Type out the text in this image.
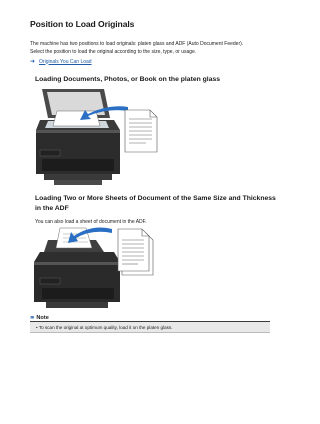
Position to Load Originals
The machine has two positions to load originals: platen glass and ADF (Auto Document Feeder).
Select the position to load the original according to the size, type, or usage.
➜ Originals You Can Load
Loading Documents, Photos, or Book on the platen glass
Loading Two or More Sheets of Document of the Same Size and Thickness
in the ADF
You can also load a sheet of document in the ADF.
››› Note
• To scan the original at optimum quality, load it on the platen glass.
